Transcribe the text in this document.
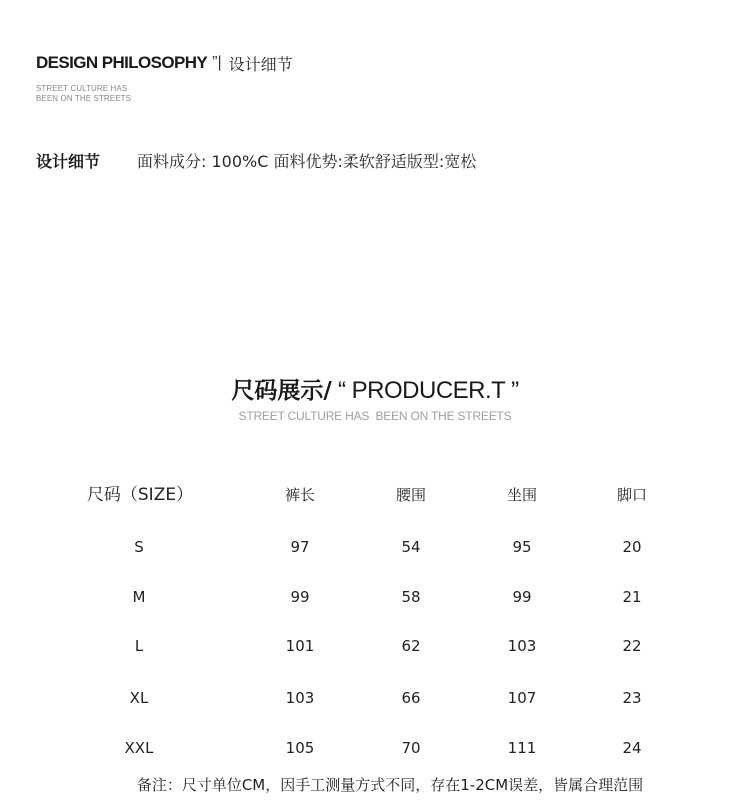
DESIGN PHILOSOPHY ”| 设计细节
STREET CULTURE HAS
BEEN ON THE STREETS
设计细节	面料成分: 100%C 面料优势:柔软舒适版型:宽松
尺码展示/ “ PRODUCER.T ”
STREET CULTURE HAS  BEEN ON THE STREETS
尺码（SIZE）	裤长	腰围	坐围	脚口
S	97	54	95	20
M	99	58	99	21
L	101	62	103	22
XL	103	66	107	23
XXL	105	70	111	24
备注：尺寸单位CM，因手工测量方式不同，存在1-2CM误差，皆属合理范围
